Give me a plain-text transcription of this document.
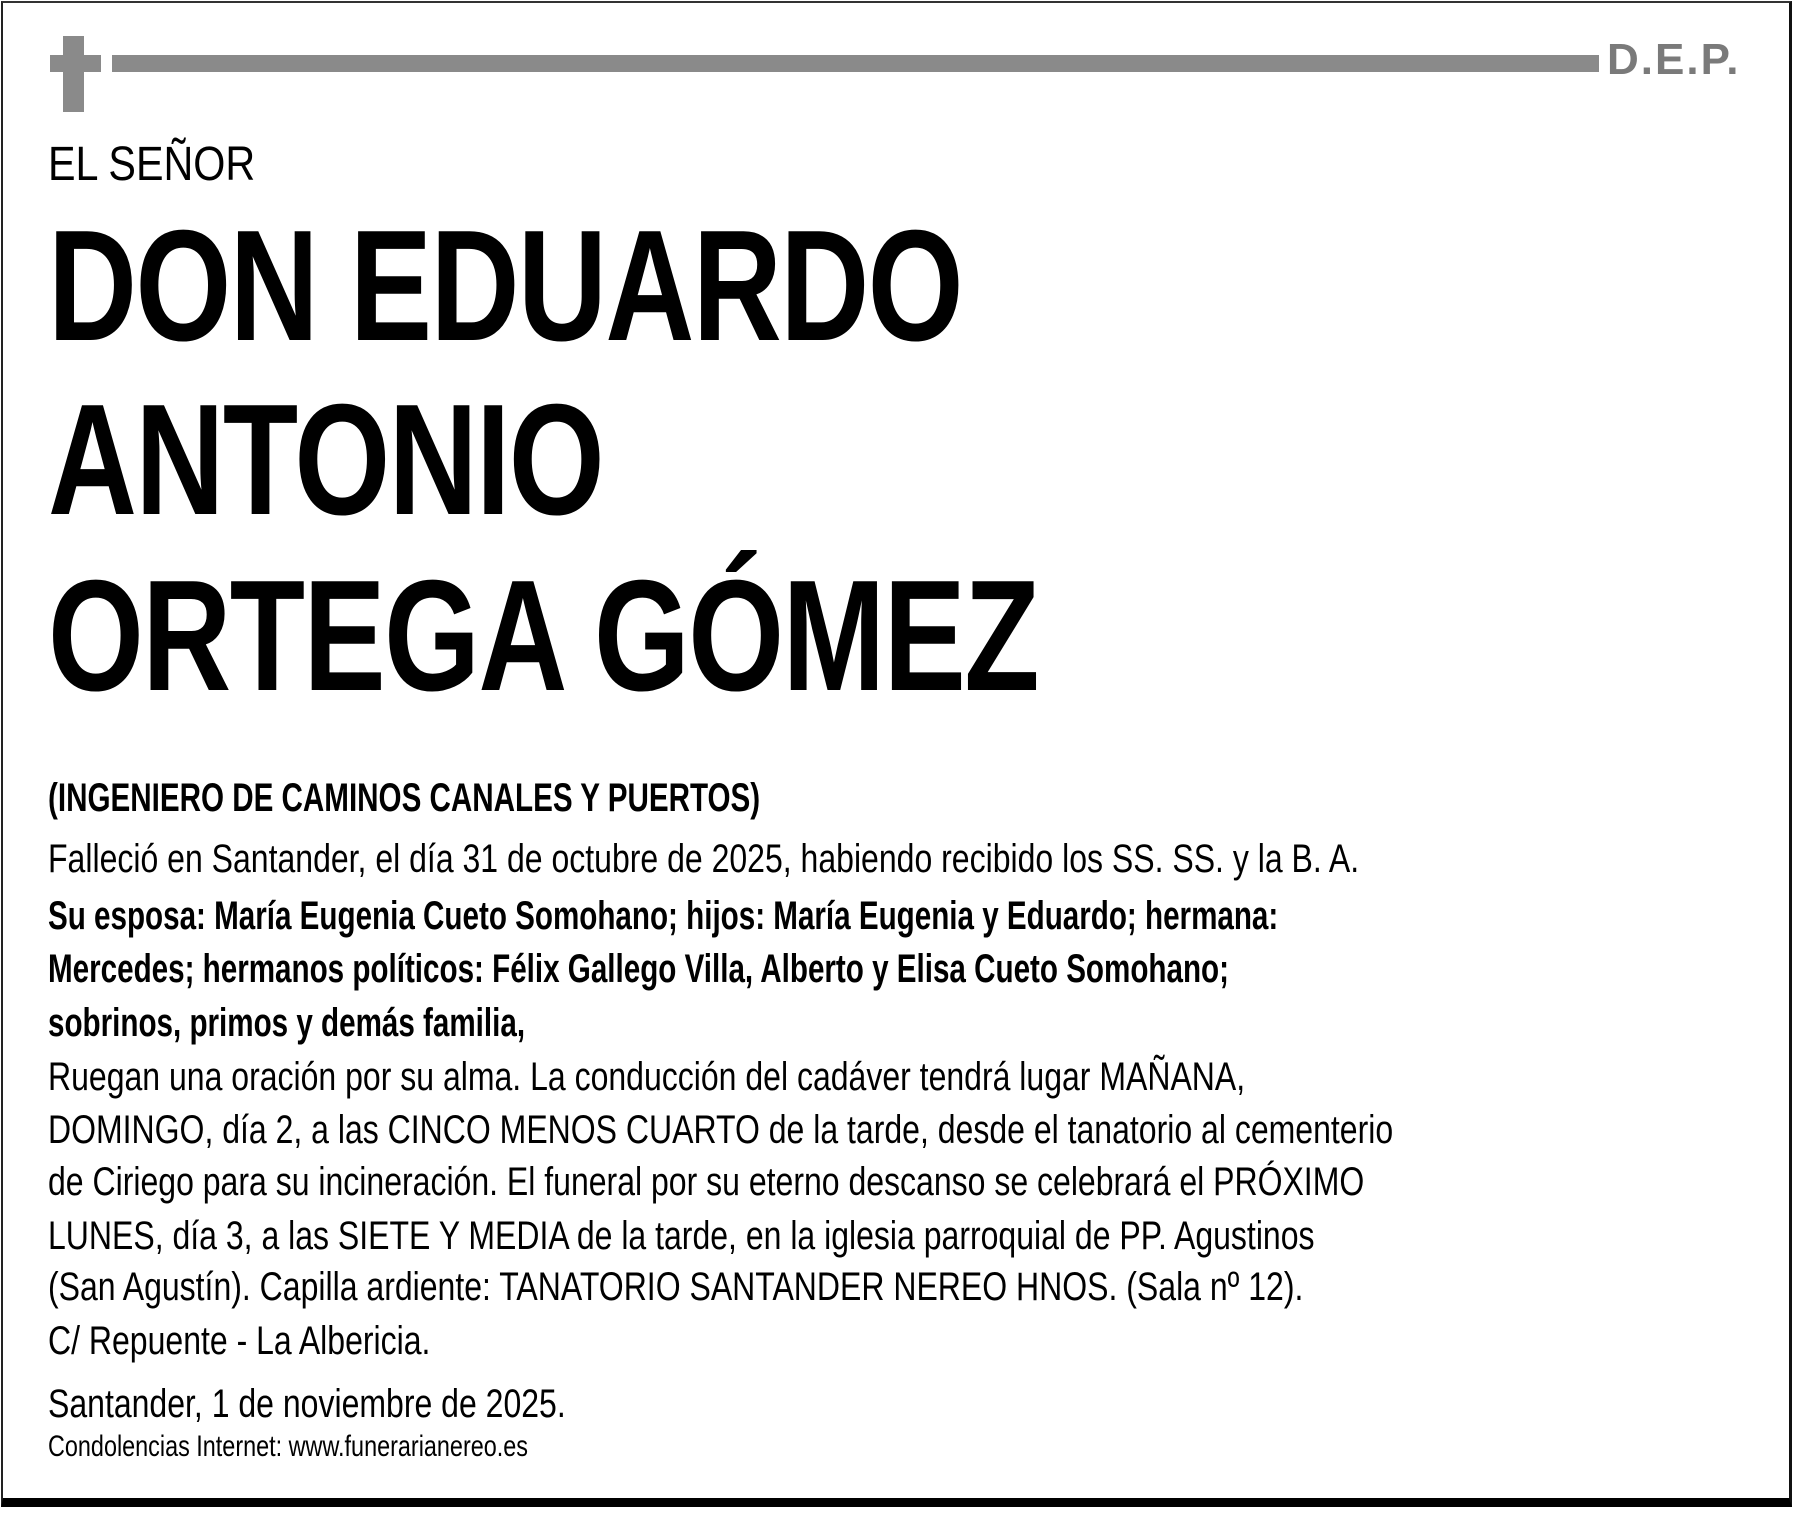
D.E.P.
EL SEÑOR
DON EDUARDO
ANTONIO
ORTEGA GÓMEZ
(INGENIERO DE CAMINOS CANALES Y PUERTOS)
Falleció en Santander, el día 31 de octubre de 2025, habiendo recibido los SS. SS. y la B. A.
Su esposa: María Eugenia Cueto Somohano; hijos: María Eugenia y Eduardo; hermana:
Mercedes; hermanos políticos: Félix Gallego Villa, Alberto y Elisa Cueto Somohano;
sobrinos, primos y demás familia,
Ruegan una oración por su alma. La conducción del cadáver tendrá lugar MAÑANA,
DOMINGO, día 2, a las CINCO MENOS CUARTO de la tarde, desde el tanatorio al cementerio
de Ciriego para su incineración. El funeral por su eterno descanso se celebrará el PRÓXIMO
LUNES, día 3, a las SIETE Y MEDIA de la tarde, en la iglesia parroquial de PP. Agustinos
(San Agustín). Capilla ardiente: TANATORIO SANTANDER NEREO HNOS. (Sala nº 12).
C/ Repuente - La Albericia.
Santander, 1 de noviembre de 2025.
Condolencias Internet: www.funerarianereo.es
